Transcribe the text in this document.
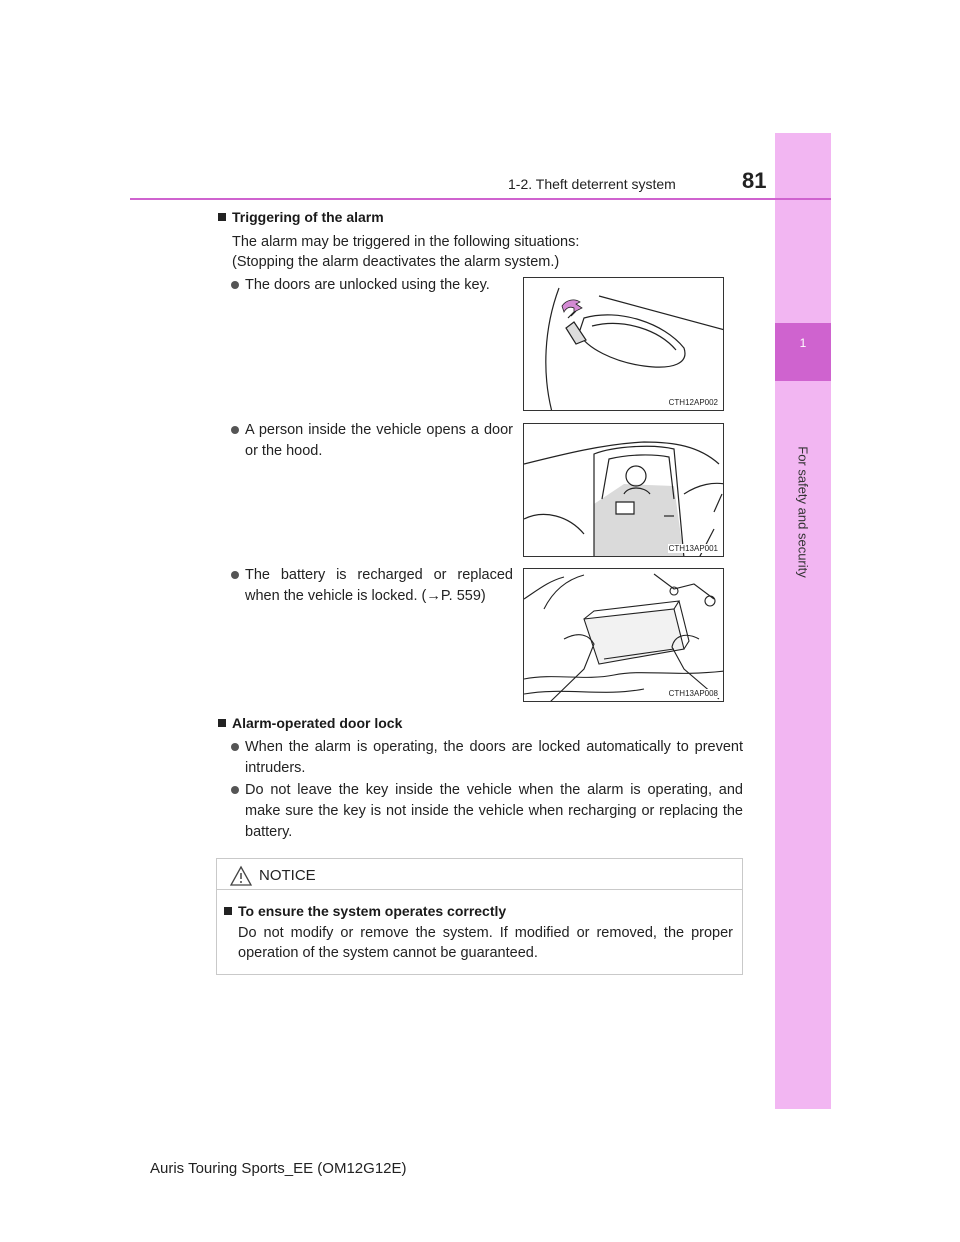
1
For safety and security
1-2. Theft deterrent system	81
Triggering of the alarm
The alarm may be triggered in the following situations:
(Stopping the alarm deactivates the alarm system.)
The doors are unlocked using the key.
A person inside the vehicle opens a door or the hood.
The battery is recharged or replaced when the vehicle is locked. (→P. 559)
CTH12AP002
CTH13AP001
CTH13AP008
Alarm-operated door lock
When the alarm is operating, the doors are locked automatically to prevent intruders.
Do not leave the key inside the vehicle when the alarm is operating, and make sure the key is not inside the vehicle when recharging or replacing the battery.
NOTICE
To ensure the system operates correctly
Do not modify or remove the system. If modified or removed, the proper operation of the system cannot be guaranteed.
Auris Touring Sports_EE (OM12G12E)
